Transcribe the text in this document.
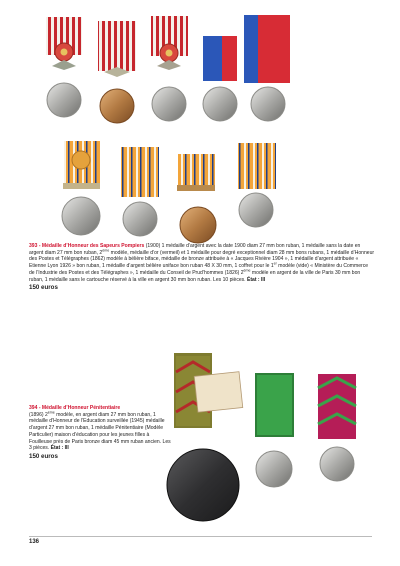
393 - Médaille d’Honneur des Sapeurs Pompiers (1900) 1 médaille d’argent avec la date 1900 diam 27 mm bon ruban, 1 médaille sans la date en argent diam 27 mm bon ruban, 2ème modèle, médaille d’or (vermeil) et 1 médaille pour degré exceptionnel diam 28 mm bons rubans, 1 médaille d’Honneur des Postes et Télégraphes (1862) modèle à bélière biface, médaille de bronze attribuée à « Jacques Rivière 1904 », 1 médaille d’argent attribuée « Etienne Lyon 1926 » bon ruban, 1 médaille d’argent bélière uniface bon ruban 48 X 30 mm, 1 coffret pour le 1er modèle (vide) « Ministère du Commerce de l’Industrie des Postes et des Télégraphes », 1 médaille du Conseil de Prud’hommes (1826) 2ème modèle en argent de la ville de Paris 30 mm bon ruban, 1 médaille sans le cartouche réservé à la ville en argent 30 mm bon ruban. Les 10 pièces. État : III
150 euros
394 - Médaille d’Honneur Pénitentiaire
(1896) 2ème modèle, en argent diam 27 mm bon ruban, 1 médaille d’Honneur de l’Education surveillée (1945) médaille d’argent 27 mm bon ruban, 1 médaille Pénitentiaire (Modèle Particulier) maison d’éducation pour les jeunes filles à Fouilleuse près de Paris bronze diam 45 mm ruban ancien. Les 3 pièces. État : III
150 euros
136
